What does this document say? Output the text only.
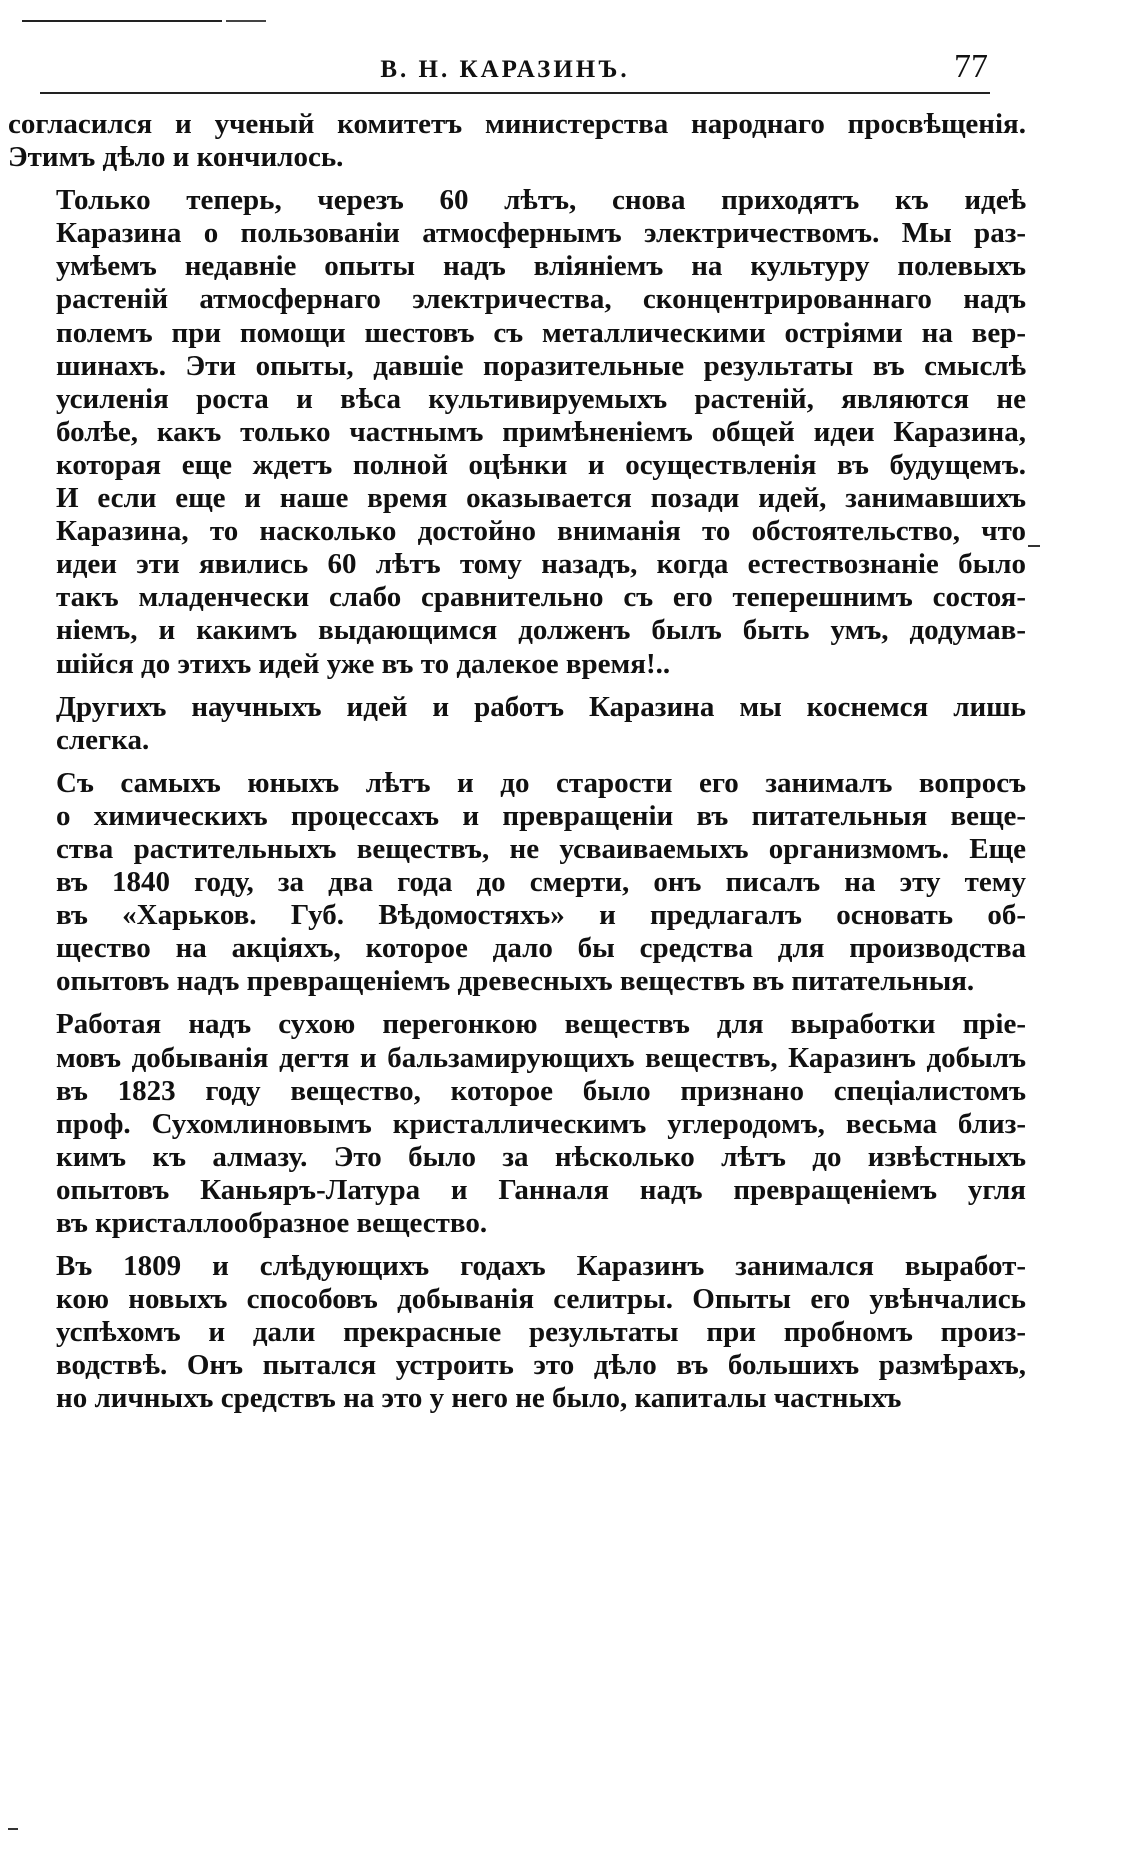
В. Н. КАРАЗИНЪ.	77
согласился и ученый комитетъ министерства народнаго просвѣщенія.
Этимъ дѣло и кончилось.
Только теперь, черезъ 60 лѣтъ, снова приходятъ къ идеѣ
Каразина о пользованіи атмосфернымъ электричествомъ. Мы раз-
умѣемъ недавніе опыты надъ вліяніемъ на культуру полевыхъ
растеній атмосфернаго электричества, сконцентрированнаго надъ
полемъ при помощи шестовъ съ металлическими остріями на вер-
шинахъ. Эти опыты, давшіе поразительные результаты въ смыслѣ
усиленія роста и вѣса культивируемыхъ растеній, являются не
болѣе, какъ только частнымъ примѣненіемъ общей идеи Каразина,
которая еще ждетъ полной оцѣнки и осуществленія въ будущемъ.
И если еще и наше время оказывается позади идей, занимавшихъ
Каразина, то насколько достойно вниманія то обстоятельство, что
идеи эти явились 60 лѣтъ тому назадъ, когда естествознаніе было
такъ младенчески слабо сравнительно съ его теперешнимъ состоя-
ніемъ, и какимъ выдающимся долженъ былъ быть умъ, додумав-
шійся до этихъ идей уже въ то далекое время!..
Другихъ научныхъ идей и работъ Каразина мы коснемся лишь
слегка.
Съ самыхъ юныхъ лѣтъ и до старости его занималъ вопросъ
о химическихъ процессахъ и превращеніи въ питательныя веще-
ства растительныхъ веществъ, не усваиваемыхъ организмомъ. Еще
въ 1840 году, за два года до смерти, онъ писалъ на эту тему
въ «Харьков. Губ. Вѣдомостяхъ» и предлагалъ основать об-
щество на акціяхъ, которое дало бы средства для производства
опытовъ надъ превращеніемъ древесныхъ веществъ въ питательныя.
Работая надъ сухою перегонкою веществъ для выработки пріе-
мовъ добыванія дегтя и бальзамирующихъ веществъ, Каразинъ добылъ
въ 1823 году вещество, которое было признано спеціалистомъ
проф. Сухомлиновымъ кристаллическимъ углеродомъ, весьма близ-
кимъ къ алмазу. Это было за нѣсколько лѣтъ до извѣстныхъ
опытовъ Каньяръ-Латура и Ганналя надъ превращеніемъ угля
въ кристаллообразное вещество.
Въ 1809 и слѣдующихъ годахъ Каразинъ занимался выработ-
кою новыхъ способовъ добыванія селитры. Опыты его увѣнчались
успѣхомъ и дали прекрасные результаты при пробномъ произ-
водствѣ. Онъ пытался устроить это дѣло въ большихъ размѣрахъ,
но личныхъ средствъ на это у него не было, капиталы частныхъ
